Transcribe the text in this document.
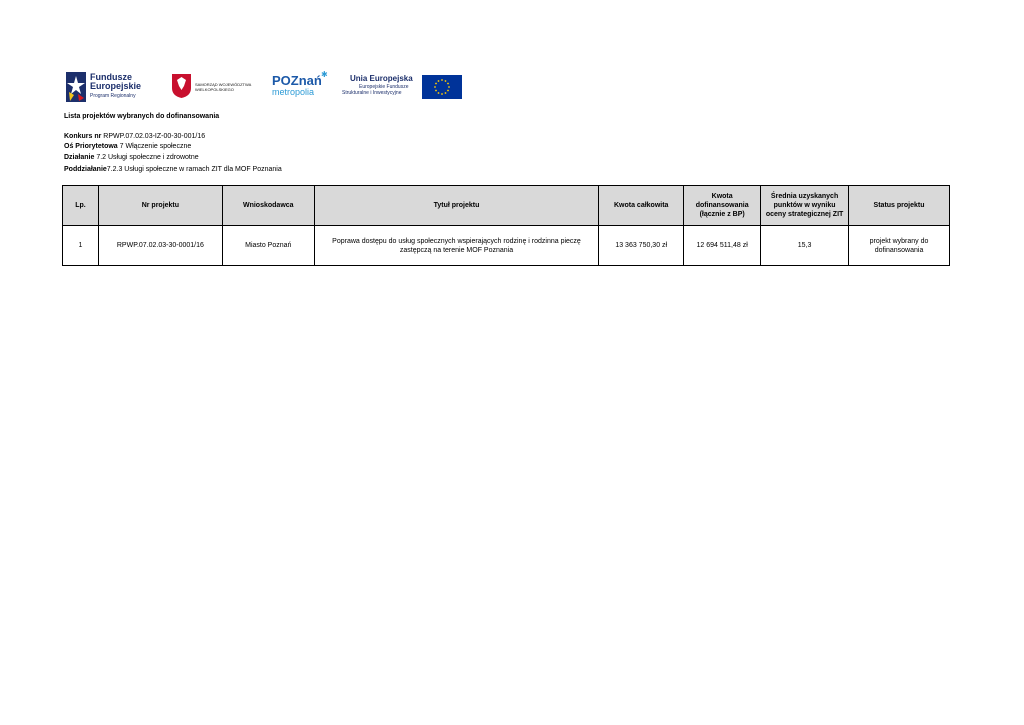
Fundusze
Europejskie
Program Regionalny
SAMORZĄD WOJEWÓDZTWA
WIELKOPOLSKIEGO
POZnań ✱
metropolia
Unia Europejska
Europejskie Fundusze
Strukturalne i Inwestycyjne
Lista projektów wybranych do dofinansowania
Konkurs nr RPWP.07.02.03-IZ-00-30-001/16
Oś Priorytetowa 7 Włączenie społeczne
Działanie 7.2 Usługi społeczne i zdrowotne
Poddziałanie7.2.3 Usługi społeczne w ramach ZIT dla MOF Poznania
Lp.	Nr projektu	Wnioskodawca	Tytuł projektu	Kwota całkowita	Kwota dofinansowania (łącznie z BP)	Średnia uzyskanych punktów w wyniku oceny strategicznej ZIT	Status projektu
1	RPWP.07.02.03-30-0001/16	Miasto Poznań	Poprawa dostępu do usług społecznych wspierających rodzinę i rodzinna pieczę zastępczą na terenie MOF Poznania	13 363 750,30 zł	12 694 511,48 zł	15,3	projekt wybrany do dofinansowania
